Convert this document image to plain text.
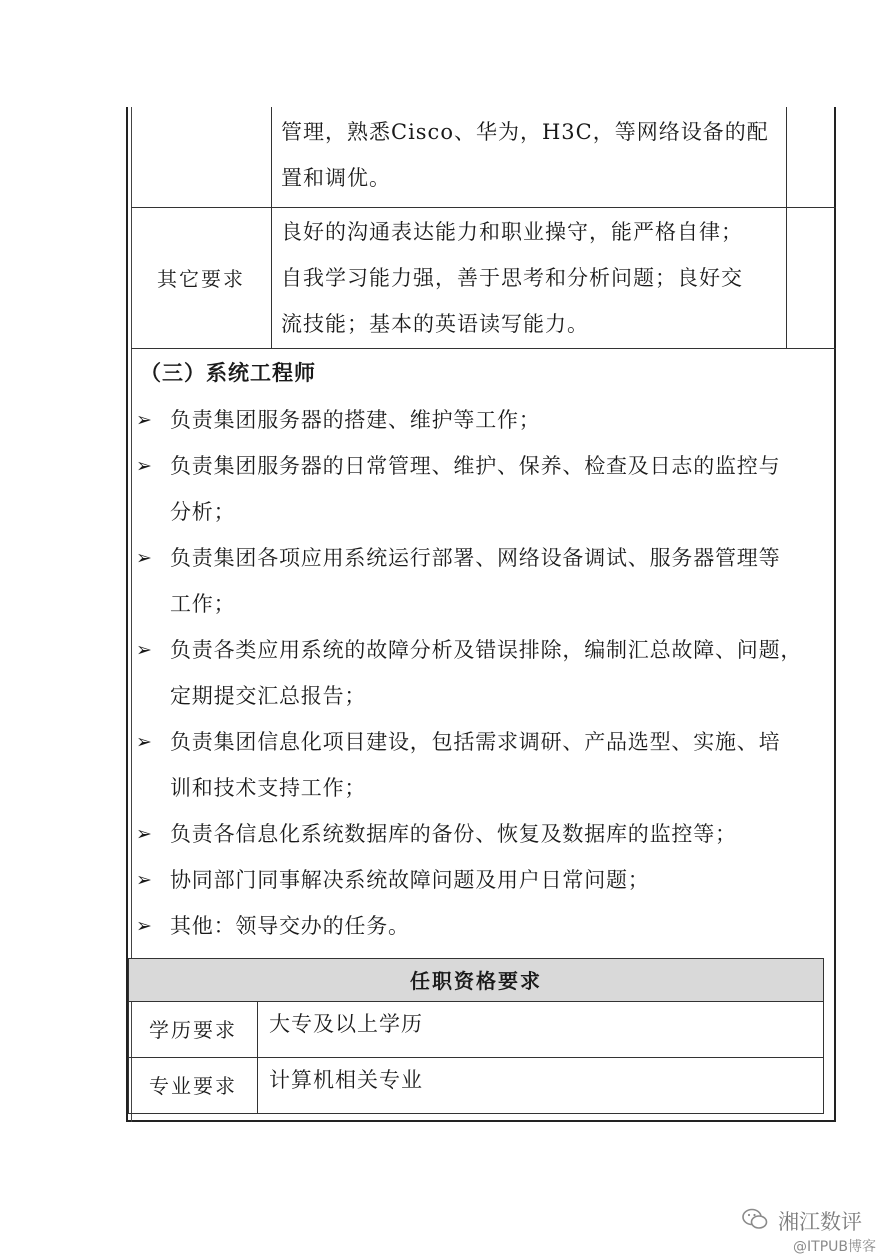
管理，熟悉Cisco、华为，H3C，等网络设备的配
置和调优。
其它要求
良好的沟通表达能力和职业操守，能严格自律；
自我学习能力强，善于思考和分析问题；良好交
流技能；基本的英语读写能力。
（三）系统工程师
➢ 负责集团服务器的搭建、维护等工作；
➢ 负责集团服务器的日常管理、维护、保养、检查及日志的监控与
分析；
➢ 负责集团各项应用系统运行部署、网络设备调试、服务器管理等
工作；
➢ 负责各类应用系统的故障分析及错误排除，编制汇总故障、问题，
定期提交汇总报告；
➢ 负责集团信息化项目建设，包括需求调研、产品选型、实施、培
训和技术支持工作；
➢ 负责各信息化系统数据库的备份、恢复及数据库的监控等；
➢ 协同部门同事解决系统故障问题及用户日常问题；
➢ 其他：领导交办的任务。
任职资格要求
学历要求	大专及以上学历
专业要求	计算机相关专业
湘江数评
@ITPUB博客
